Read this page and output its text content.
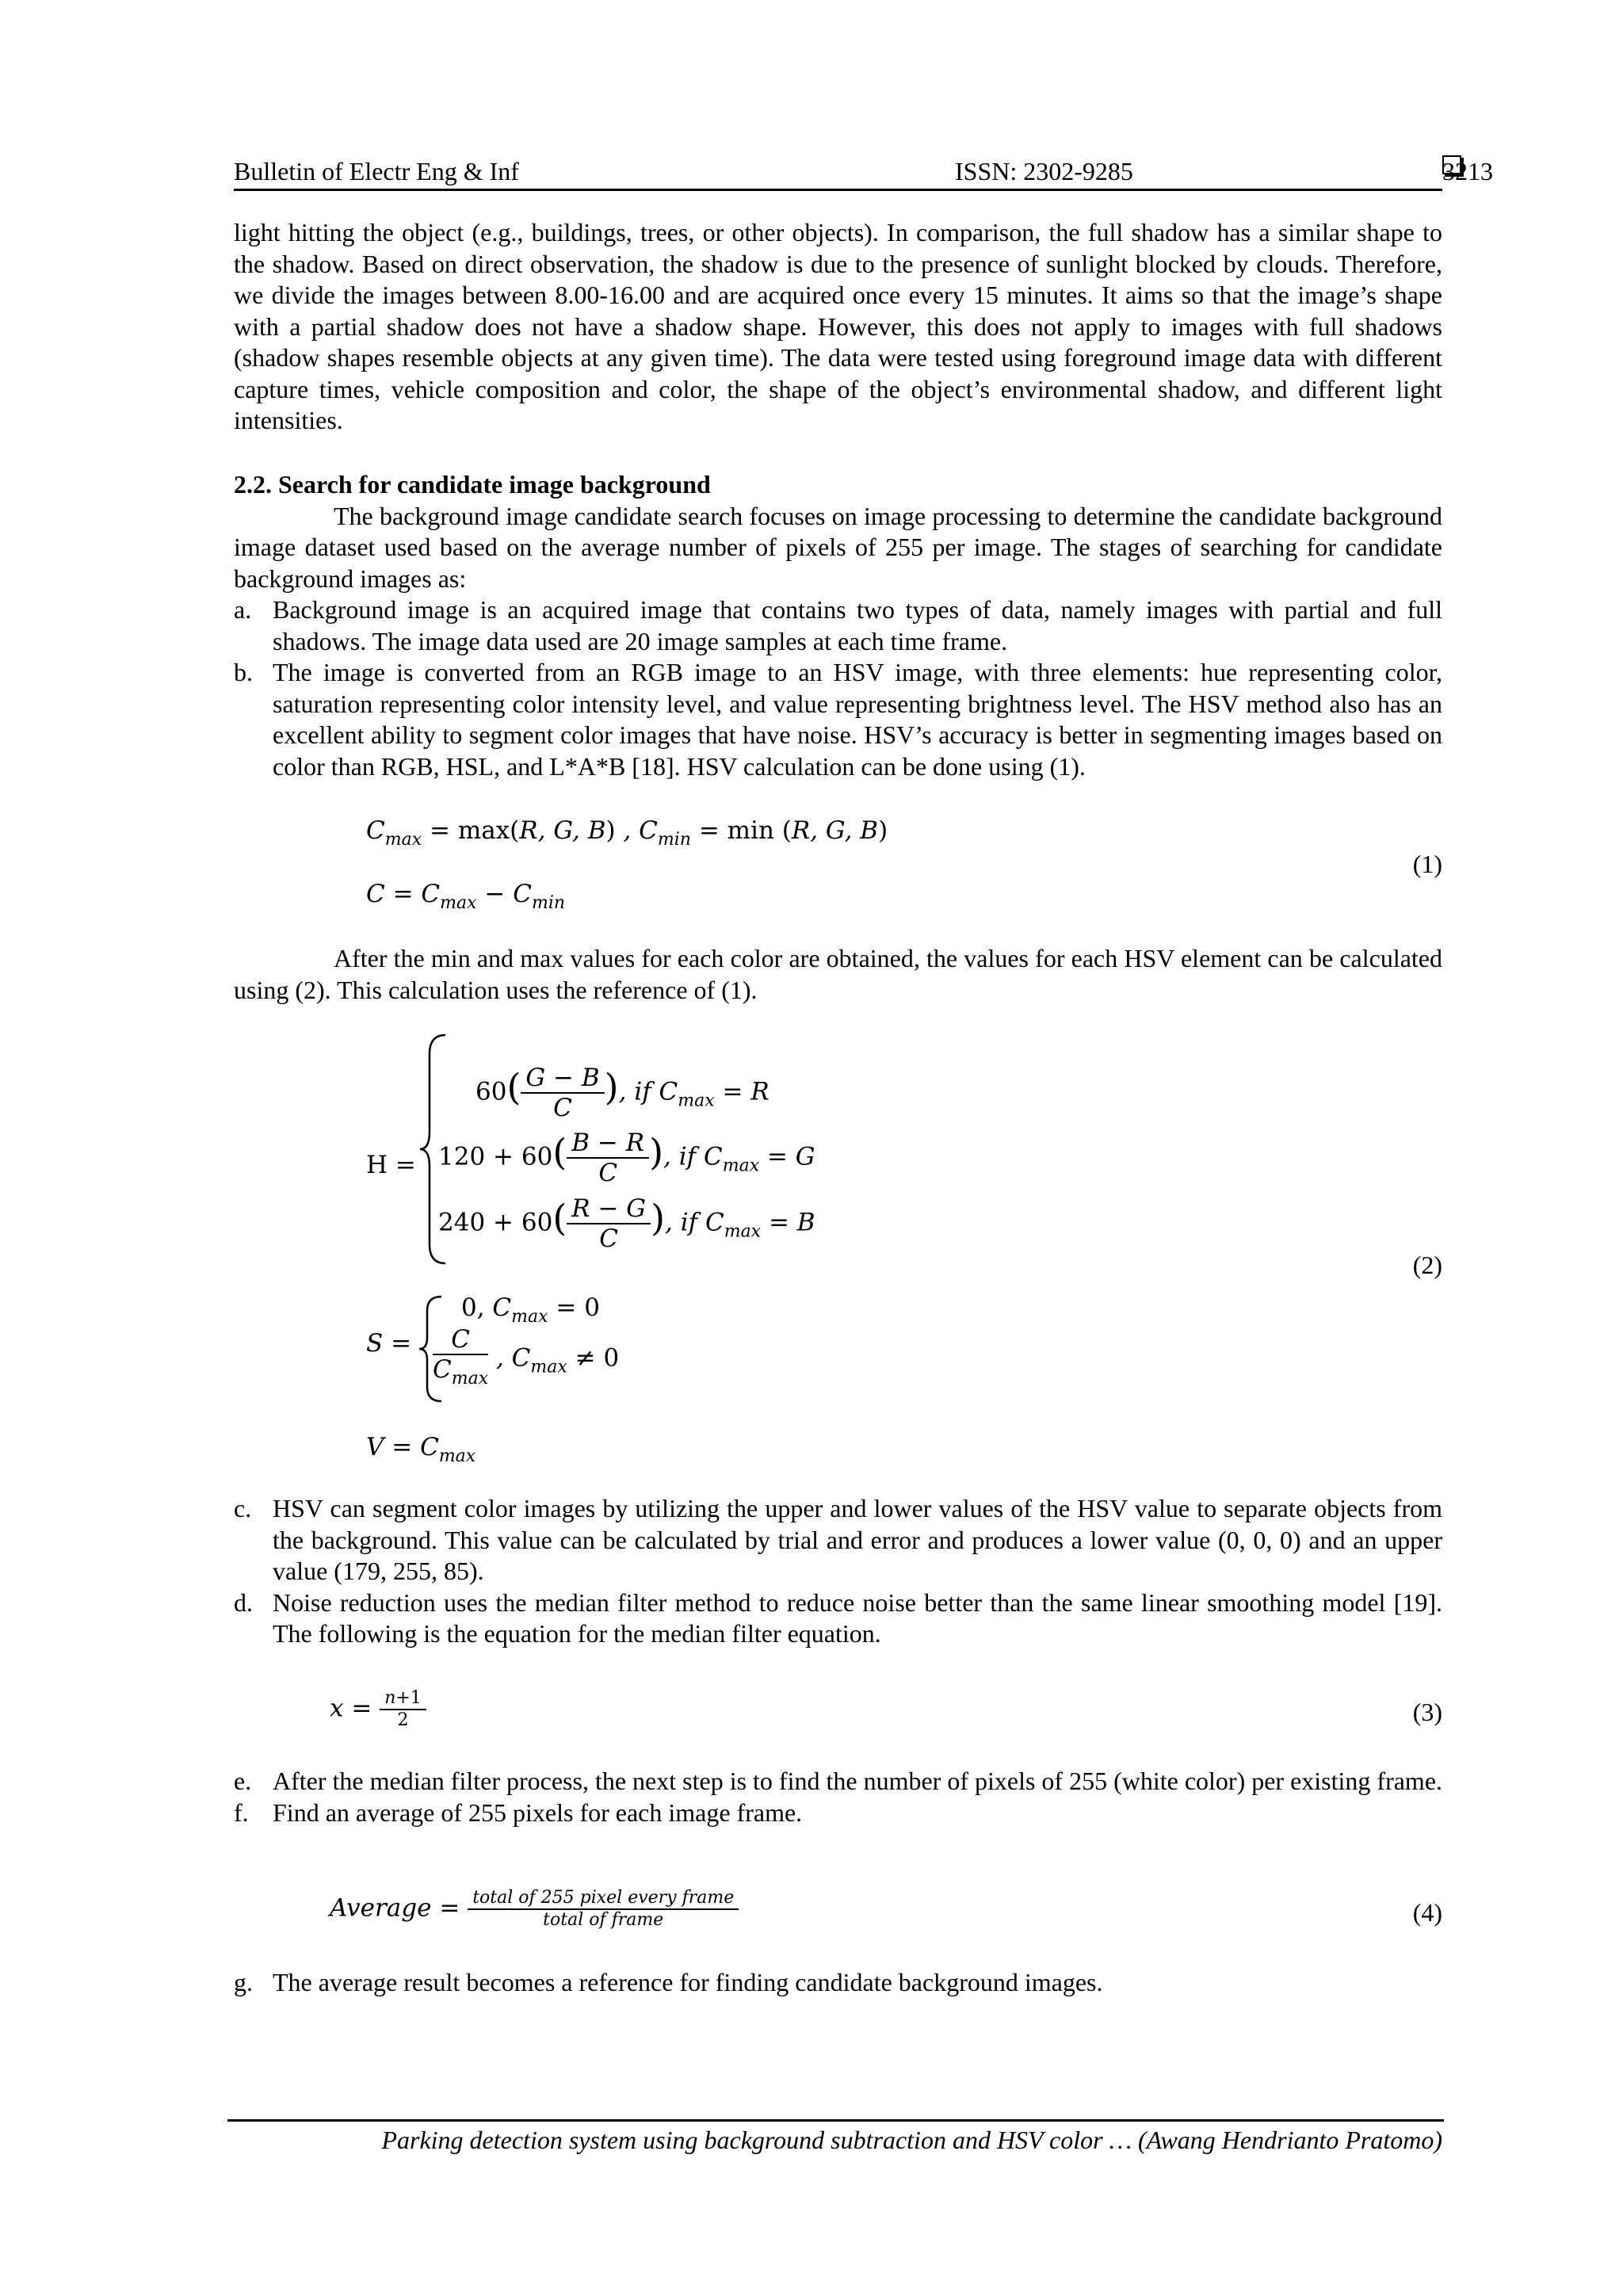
Bulletin of Electr Eng & Inf	ISSN: 2302-9285	3213

light hitting the object (e.g., buildings, trees, or other objects). In comparison, the full shadow has a similar shape to the shadow. Based on direct observation, the shadow is due to the presence of sunlight blocked by clouds. Therefore, we divide the images between 8.00-16.00 and are acquired once every 15 minutes. It aims so that the image’s shape with a partial shadow does not have a shadow shape. However, this does not apply to images with full shadows (shadow shapes resemble objects at any given time). The data were tested using foreground image data with different capture times, vehicle composition and color, the shape of the object’s environmental shadow, and different light intensities.

2.2. Search for candidate image background

The background image candidate search focuses on image processing to determine the candidate background image dataset used based on the average number of pixels of 255 per image. The stages of searching for candidate background images as:

a. Background image is an acquired image that contains two types of data, namely images with partial and full shadows. The image data used are 20 image samples at each time frame.

b. The image is converted from an RGB image to an HSV image, with three elements: hue representing color, saturation representing color intensity level, and value representing brightness level. The HSV method also has an excellent ability to segment color images that have noise. HSV’s accuracy is better in segmenting images based on color than RGB, HSL, and L*A*B [18]. HSV calculation can be done using (1).

$C_{max} = \max(R$, G, B) , $C_{min} = \min (R$, G, B)
$C = C_{max} - C_{min}$
(1)

After the min and max values for each color are obtained, the values for each HSV element can be calculated using (2). This calculation uses the reference of (1).

H =
$60( \frac{G - B}{C}$ ), if $C_{max} = R$
$120 + 60( \frac{B - R}{C}$ ), if $C_{max} = G$
$240 + 60( \frac{R - G}{C}$ ), if $C_{max} = B$
(2)
S =
0, $C_{max} = 0$
$\frac{C}{C_{max}}$ , $C_{max} \ne 0$
$V = C_{max}$

c. HSV can segment color images by utilizing the upper and lower values of the HSV value to separate objects from the background. This value can be calculated by trial and error and produces a lower value (0, 0, 0) and an upper value (179, 255, 85).

d. Noise reduction uses the median filter method to reduce noise better than the same linear smoothing model [19]. The following is the equation for the median filter equation.

$x = \frac{n+1}{2}$	(3)

e. After the median filter process, the next step is to find the number of pixels of 255 (white color) per existing frame.

f. Find an average of 255 pixels for each image frame.

Average = $\frac{\text{total of 255 pixel every frame}}{\text{total of frame}}$	(4)

g. The average result becomes a reference for finding candidate background images.

Parking detection system using background subtraction and HSV color … (Awang Hendrianto Pratomo)
